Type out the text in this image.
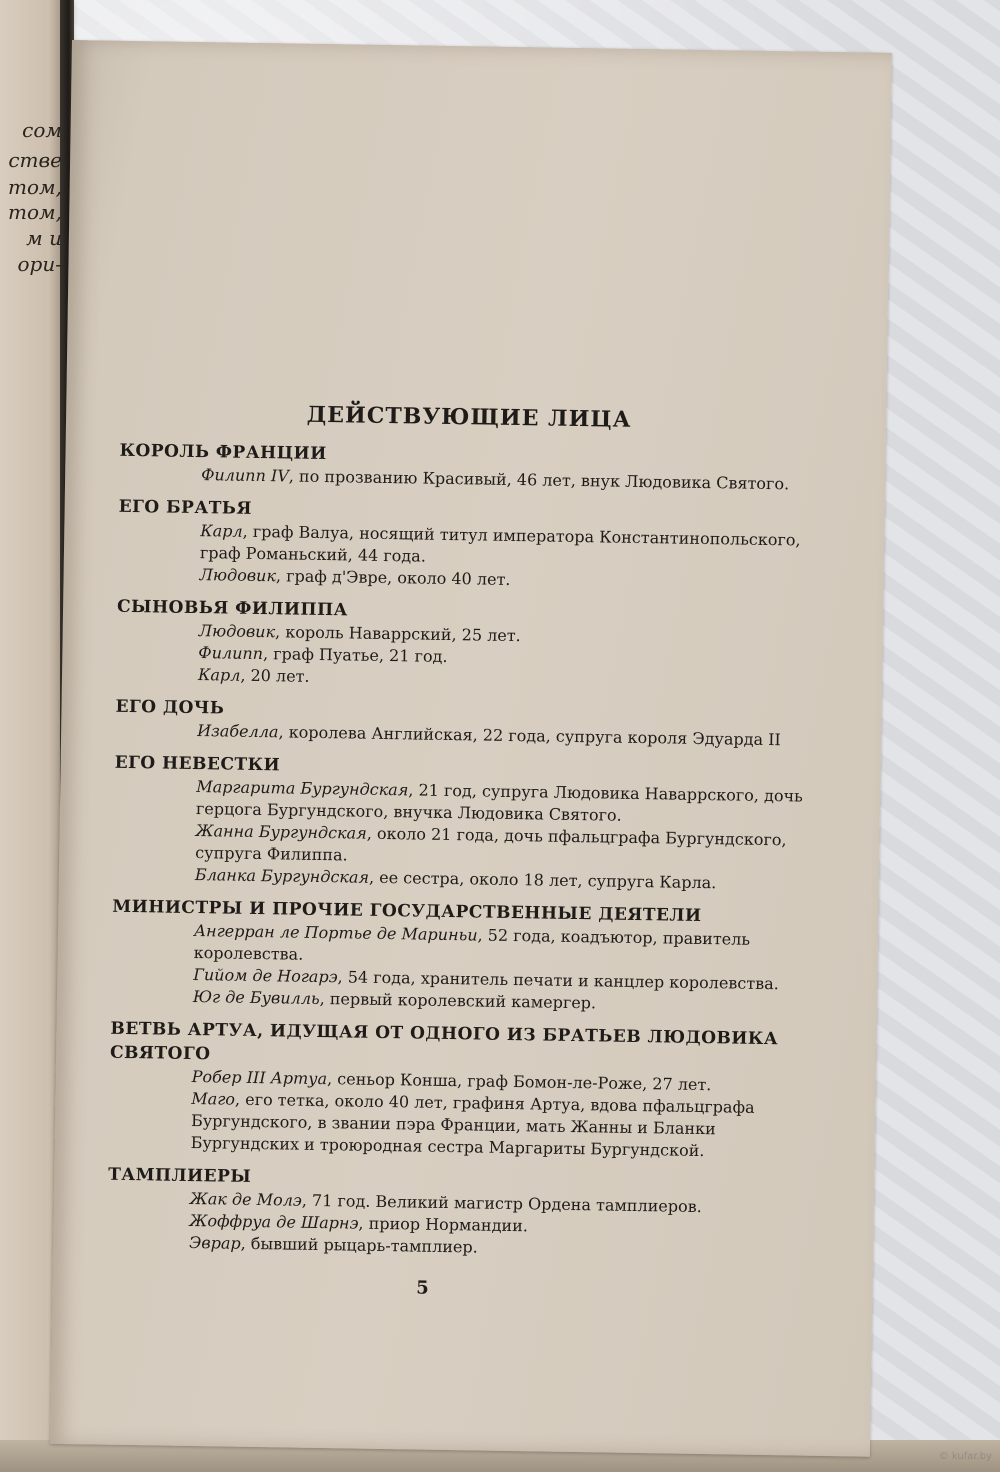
сом
стве
том,
том,
м и
ори-
ДЕЙСТВУЮЩИЕ ЛИЦА
КОРОЛЬ ФРАНЦИИ
Филипп IV, по прозванию Красивый, 46 лет, внук Людовика Святого.
ЕГО БРАТЬЯ
Карл, граф Валуа, носящий титул императора Константинопольского, граф Романьский, 44 года.
Людовик, граф д'Эвре, около 40 лет.
СЫНОВЬЯ ФИЛИППА
Людовик, король Наваррский, 25 лет.
Филипп, граф Пуатье, 21 год.
Карл, 20 лет.
ЕГО ДОЧЬ
Изабелла, королева Английская, 22 года, супруга короля Эдуарда II
ЕГО НЕВЕСТКИ
Маргарита Бургундская, 21 год, супруга Людовика Наваррского, дочь герцога Бургундского, внучка Людовика Святого.
Жанна Бургундская, около 21 года, дочь пфальцграфа Бургундского, супруга Филиппа.
Бланка Бургундская, ее сестра, около 18 лет, супруга Карла.
МИНИСТРЫ И ПРОЧИЕ ГОСУДАРСТВЕННЫЕ ДЕЯТЕЛИ
Ангерран ле Портье де Мариньи, 52 года, коадъютор, правитель королевства.
Гийом де Ногарэ, 54 года, хранитель печати и канцлер королевства.
Юг де Бувилль, первый королевский камергер.
ВЕТВЬ АРТУА, ИДУЩАЯ ОТ ОДНОГО ИЗ БРАТЬЕВ ЛЮДОВИКА СВЯТОГО
Робер III Артуа, сеньор Конша, граф Бомон-ле-Роже, 27 лет.
Маго, его тетка, около 40 лет, графиня Артуа, вдова пфальцграфа Бургундского, в звании пэра Франции, мать Жанны и Бланки Бургундских и троюродная сестра Маргариты Бургундской.
ТАМПЛИЕРЫ
Жак де Молэ, 71 год. Великий магистр Ордена тамплиеров.
Жоффруа де Шарнэ, приор Нормандии.
Эврар, бывший рыцарь-тамплиер.
5
© kufar.by
